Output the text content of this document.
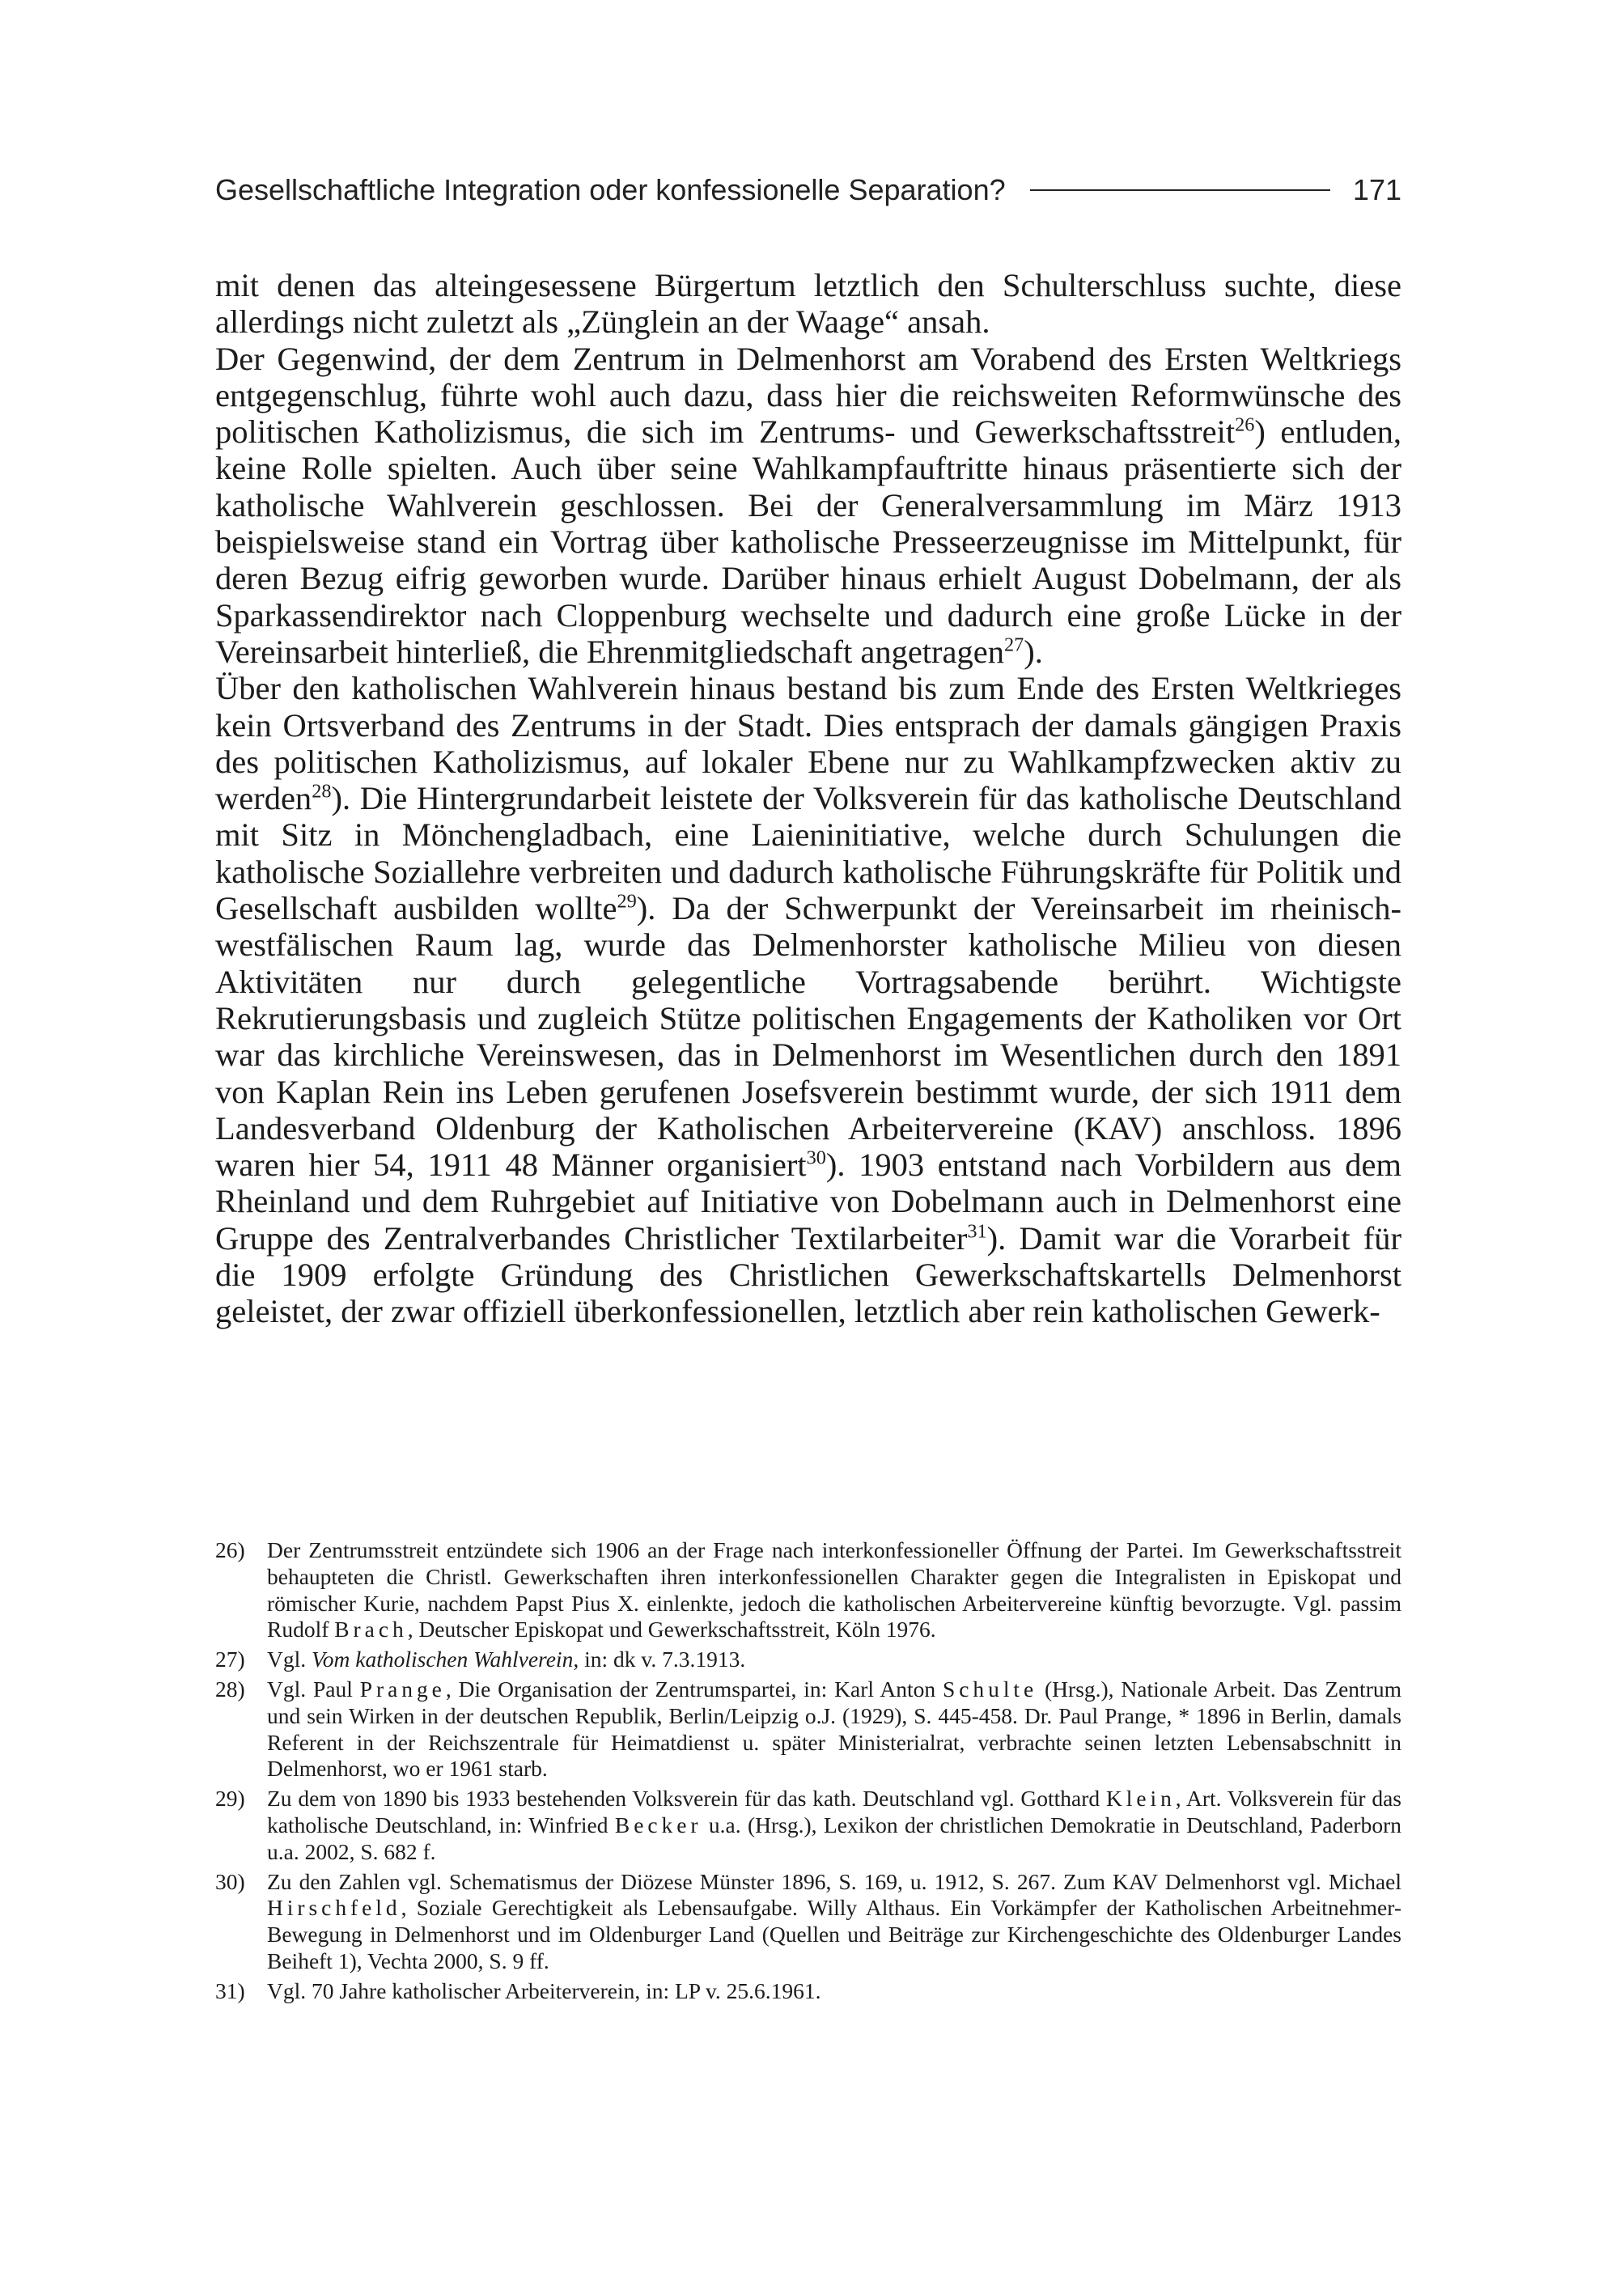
Gesellschaftliche Integration oder konfessionelle Separation?	171

mit denen das alteingesessene Bürgertum letztlich den Schulterschluss suchte, diese allerdings nicht zuletzt als „Zünglein an der Waage“ ansah.

Der Gegenwind, der dem Zentrum in Delmenhorst am Vorabend des Ersten Weltkriegs entgegenschlug, führte wohl auch dazu, dass hier die reichsweiten Reformwünsche des politischen Katholizismus, die sich im Zentrums- und Gewerkschaftsstreit$^{26}$) entluden, keine Rolle spielten. Auch über seine Wahlkampfauftritte hinaus präsentierte sich der katholische Wahlverein geschlossen. Bei der Generalversammlung im März 1913 beispielsweise stand ein Vortrag über katholische Presseerzeugnisse im Mittelpunkt, für deren Bezug eifrig geworben wurde. Darüber hinaus erhielt August Dobelmann, der als Sparkassendirektor nach Cloppenburg wechselte und dadurch eine große Lücke in der Vereinsarbeit hinterließ, die Ehrenmitgliedschaft angetragen$^{27}$).

Über den katholischen Wahlverein hinaus bestand bis zum Ende des Ersten Weltkrieges kein Ortsverband des Zentrums in der Stadt. Dies entsprach der damals gängigen Praxis des politischen Katholizismus, auf lokaler Ebene nur zu Wahlkampfzwecken aktiv zu werden$^{28}$). Die Hintergrundarbeit leistete der Volksverein für das katholische Deutschland mit Sitz in Mönchengladbach, eine Laieninitiative, welche durch Schulungen die katholische Soziallehre verbreiten und dadurch katholische Führungskräfte für Politik und Gesellschaft ausbilden wollte$^{29}$). Da der Schwerpunkt der Vereinsarbeit im rheinisch-westfälischen Raum lag, wurde das Delmenhorster katholische Milieu von diesen Aktivitäten nur durch gelegentliche Vortragsabende berührt. Wichtigste Rekrutierungsbasis und zugleich Stütze politischen Engagements der Katholiken vor Ort war das kirchliche Vereinswesen, das in Delmenhorst im Wesentlichen durch den 1891 von Kaplan Rein ins Leben gerufenen Josefsverein bestimmt wurde, der sich 1911 dem Landesverband Oldenburg der Katholischen Arbeitervereine (KAV) anschloss. 1896 waren hier 54, 1911 48 Männer organisiert$^{30}$). 1903 entstand nach Vorbildern aus dem Rheinland und dem Ruhrgebiet auf Initiative von Dobelmann auch in Delmenhorst eine Gruppe des Zentralverbandes Christlicher Textilarbeiter$^{31}$). Damit war die Vorarbeit für die 1909 erfolgte Gründung des Christlichen Gewerkschaftskartells Delmenhorst geleistet, der zwar offiziell überkonfessionellen, letztlich aber rein katholischen Gewerk-

26) Der Zentrumsstreit entzündete sich 1906 an der Frage nach interkonfessioneller Öffnung der Partei. Im Gewerkschaftsstreit behaupteten die Christl. Gewerkschaften ihren interkonfessionellen Charakter gegen die Integralisten in Episkopat und römischer Kurie, nachdem Papst Pius X. einlenkte, jedoch die katholischen Arbeitervereine künftig bevorzugte. Vgl. passim Rudolf Brach, Deutscher Episkopat und Gewerkschaftsstreit, Köln 1976.
27) Vgl. Vom katholischen Wahlverein, in: dk v. 7.3.1913.
28) Vgl. Paul Prange, Die Organisation der Zentrumspartei, in: Karl Anton Schulte (Hrsg.), Nationale Arbeit. Das Zentrum und sein Wirken in der deutschen Republik, Berlin/Leipzig o.J. (1929), S. 445-458. Dr. Paul Prange, * 1896 in Berlin, damals Referent in der Reichszentrale für Heimatdienst u. später Ministerialrat, verbrachte seinen letzten Lebensabschnitt in Delmenhorst, wo er 1961 starb.
29) Zu dem von 1890 bis 1933 bestehenden Volksverein für das kath. Deutschland vgl. Gotthard Klein, Art. Volksverein für das katholische Deutschland, in: Winfried Becker u.a. (Hrsg.), Lexikon der christlichen Demokratie in Deutschland, Paderborn u.a. 2002, S. 682 f.
30) Zu den Zahlen vgl. Schematismus der Diözese Münster 1896, S. 169, u. 1912, S. 267. Zum KAV Delmenhorst vgl. Michael Hirschfeld, Soziale Gerechtigkeit als Lebensaufgabe. Willy Althaus. Ein Vorkämpfer der Katholischen Arbeitnehmer-Bewegung in Delmenhorst und im Oldenburger Land (Quellen und Beiträge zur Kirchengeschichte des Oldenburger Landes Beiheft 1), Vechta 2000, S. 9 ff.
31) Vgl. 70 Jahre katholischer Arbeiterverein, in: LP v. 25.6.1961.
